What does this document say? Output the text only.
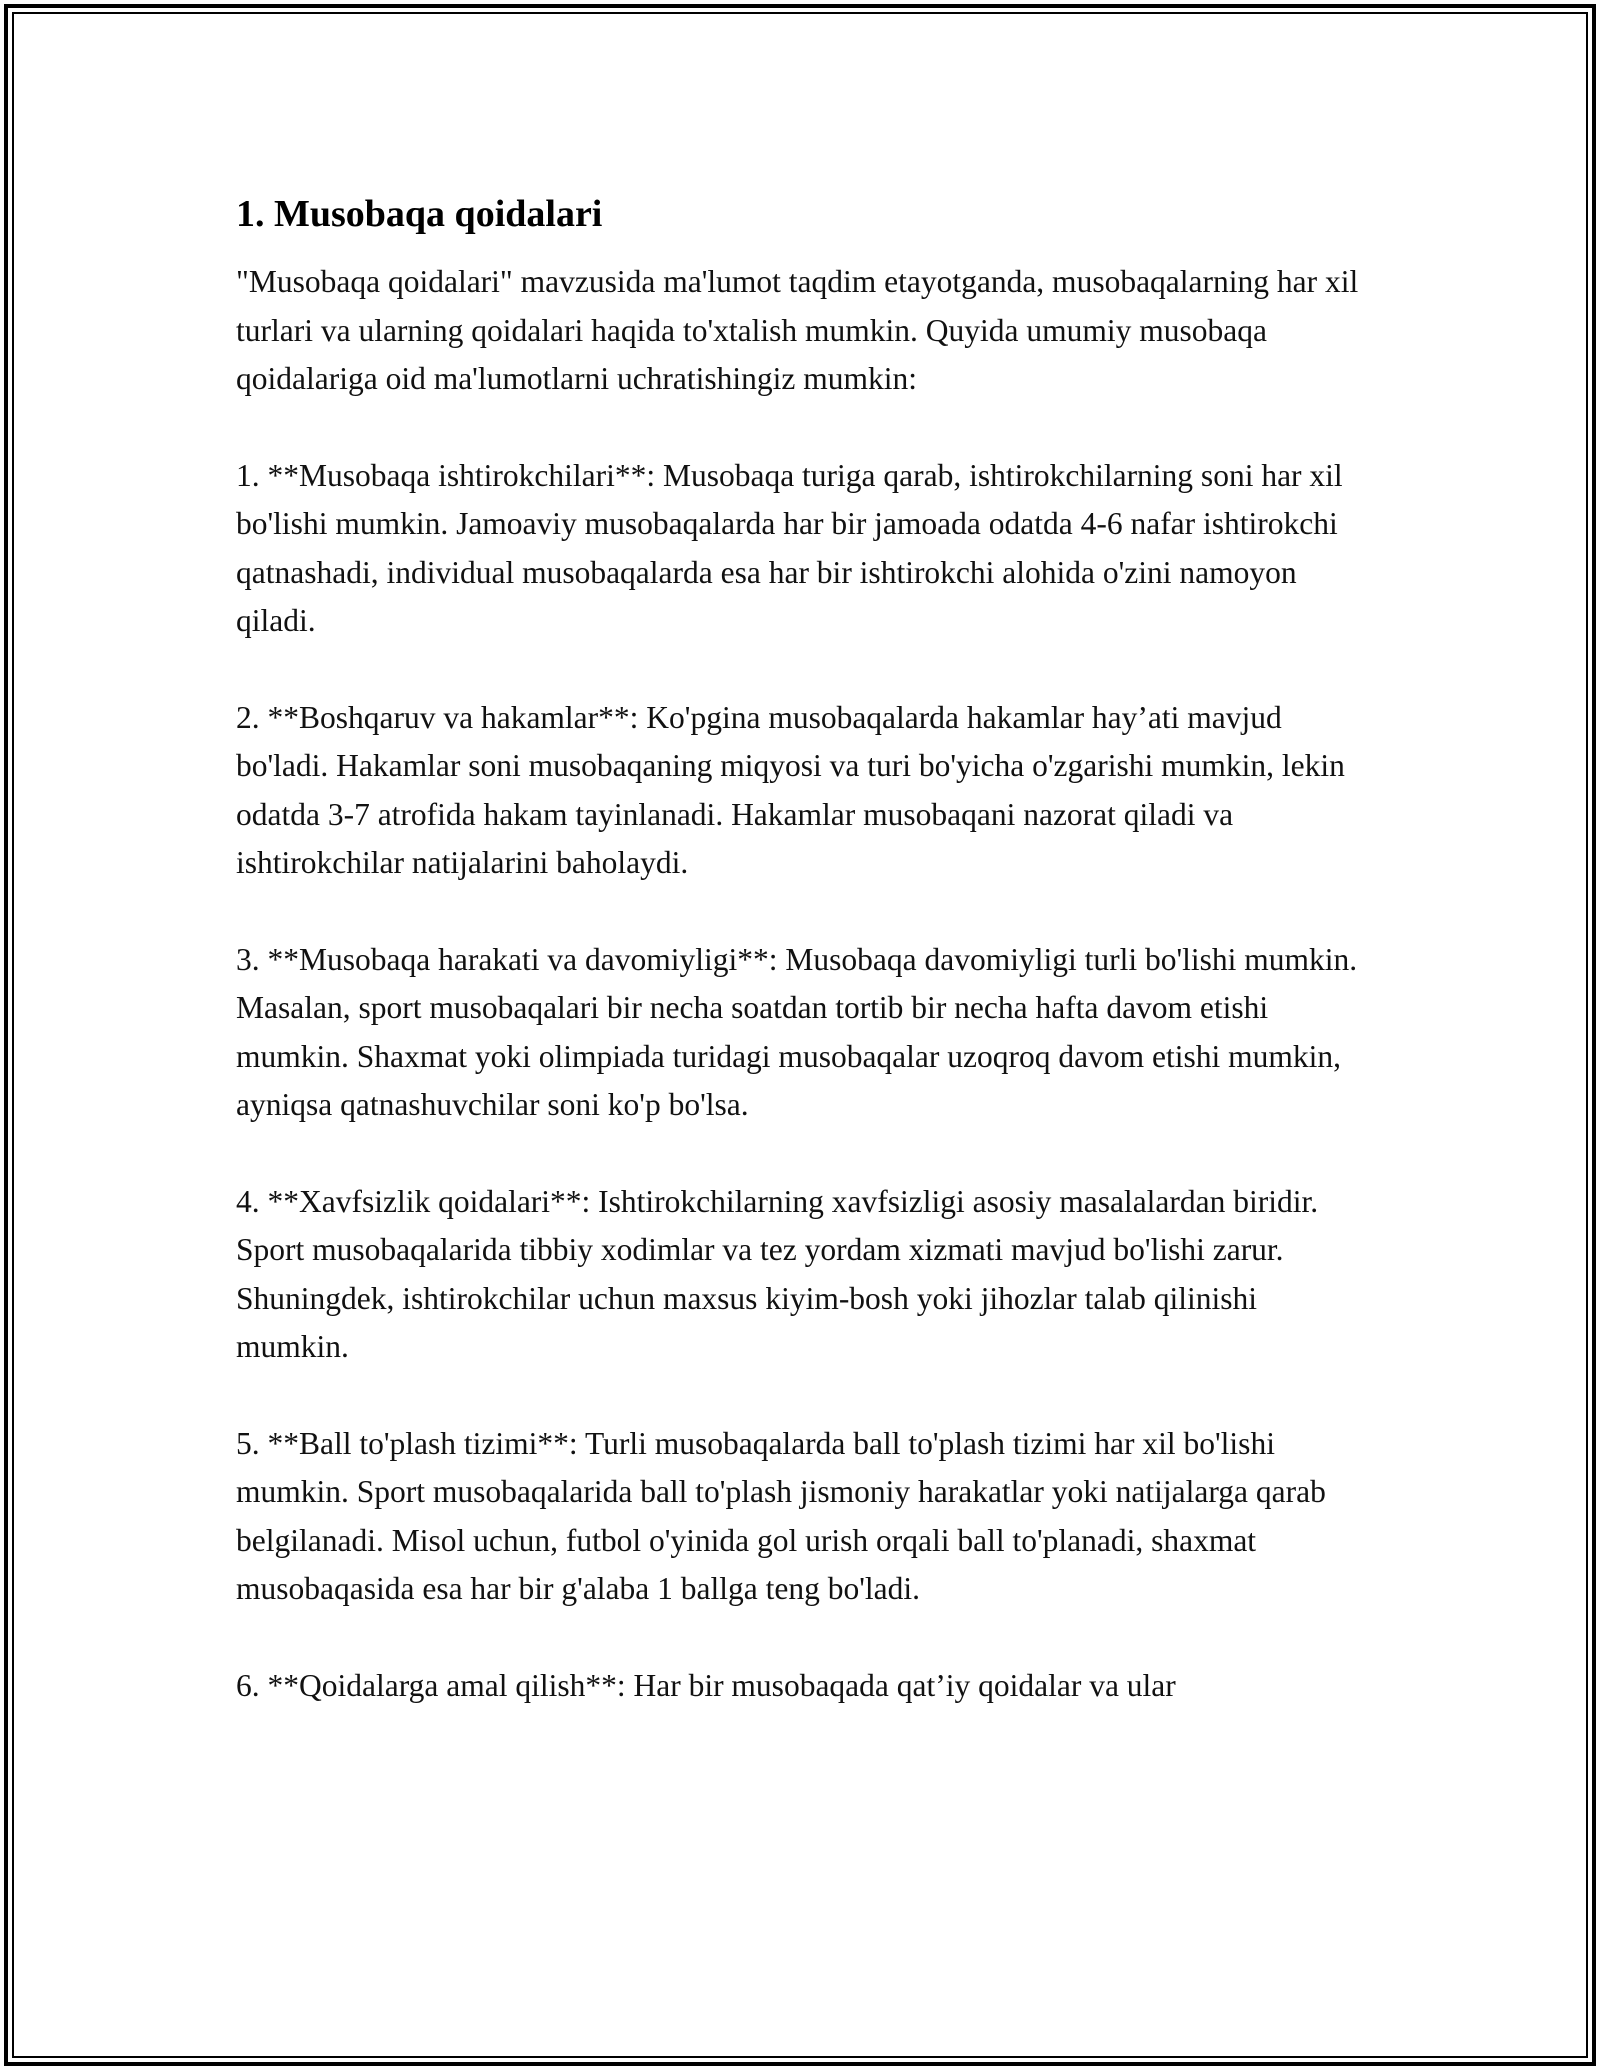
1. Musobaqa qoidalari

"Musobaqa qoidalari" mavzusida ma'lumot taqdim etayotganda, musobaqalarning har xil turlari va ularning qoidalari haqida to'xtalish mumkin. Quyida umumiy musobaqa qoidalariga oid ma'lumotlarni uchratishingiz mumkin:

1. **Musobaqa ishtirokchilari**: Musobaqa turiga qarab, ishtirokchilarning soni har xil bo'lishi mumkin. Jamoaviy musobaqalarda har bir jamoada odatda 4-6 nafar ishtirokchi qatnashadi, individual musobaqalarda esa har bir ishtirokchi alohida o'zini namoyon qiladi.

2. **Boshqaruv va hakamlar**: Ko'pgina musobaqalarda hakamlar hay’ati mavjud bo'ladi. Hakamlar soni musobaqaning miqyosi va turi bo'yicha o'zgarishi mumkin, lekin odatda 3-7 atrofida hakam tayinlanadi. Hakamlar musobaqani nazorat qiladi va ishtirokchilar natijalarini baholaydi.

3. **Musobaqa harakati va davomiyligi**: Musobaqa davomiyligi turli bo'lishi mumkin. Masalan, sport musobaqalari bir necha soatdan tortib bir necha hafta davom etishi mumkin. Shaxmat yoki olimpiada turidagi musobaqalar uzoqroq davom etishi mumkin, ayniqsa qatnashuvchilar soni ko'p bo'lsa.

4. **Xavfsizlik qoidalari**: Ishtirokchilarning xavfsizligi asosiy masalalardan biridir. Sport musobaqalarida tibbiy xodimlar va tez yordam xizmati mavjud bo'lishi zarur. Shuningdek, ishtirokchilar uchun maxsus kiyim-bosh yoki jihozlar talab qilinishi mumkin.

5. **Ball to'plash tizimi**: Turli musobaqalarda ball to'plash tizimi har xil bo'lishi mumkin. Sport musobaqalarida ball to'plash jismoniy harakatlar yoki natijalarga qarab belgilanadi. Misol uchun, futbol o'yinida gol urish orqali ball to'planadi, shaxmat musobaqasida esa har bir g'alaba 1 ballga teng bo'ladi.

6. **Qoidalarga amal qilish**: Har bir musobaqada qat’iy qoidalar va ular
